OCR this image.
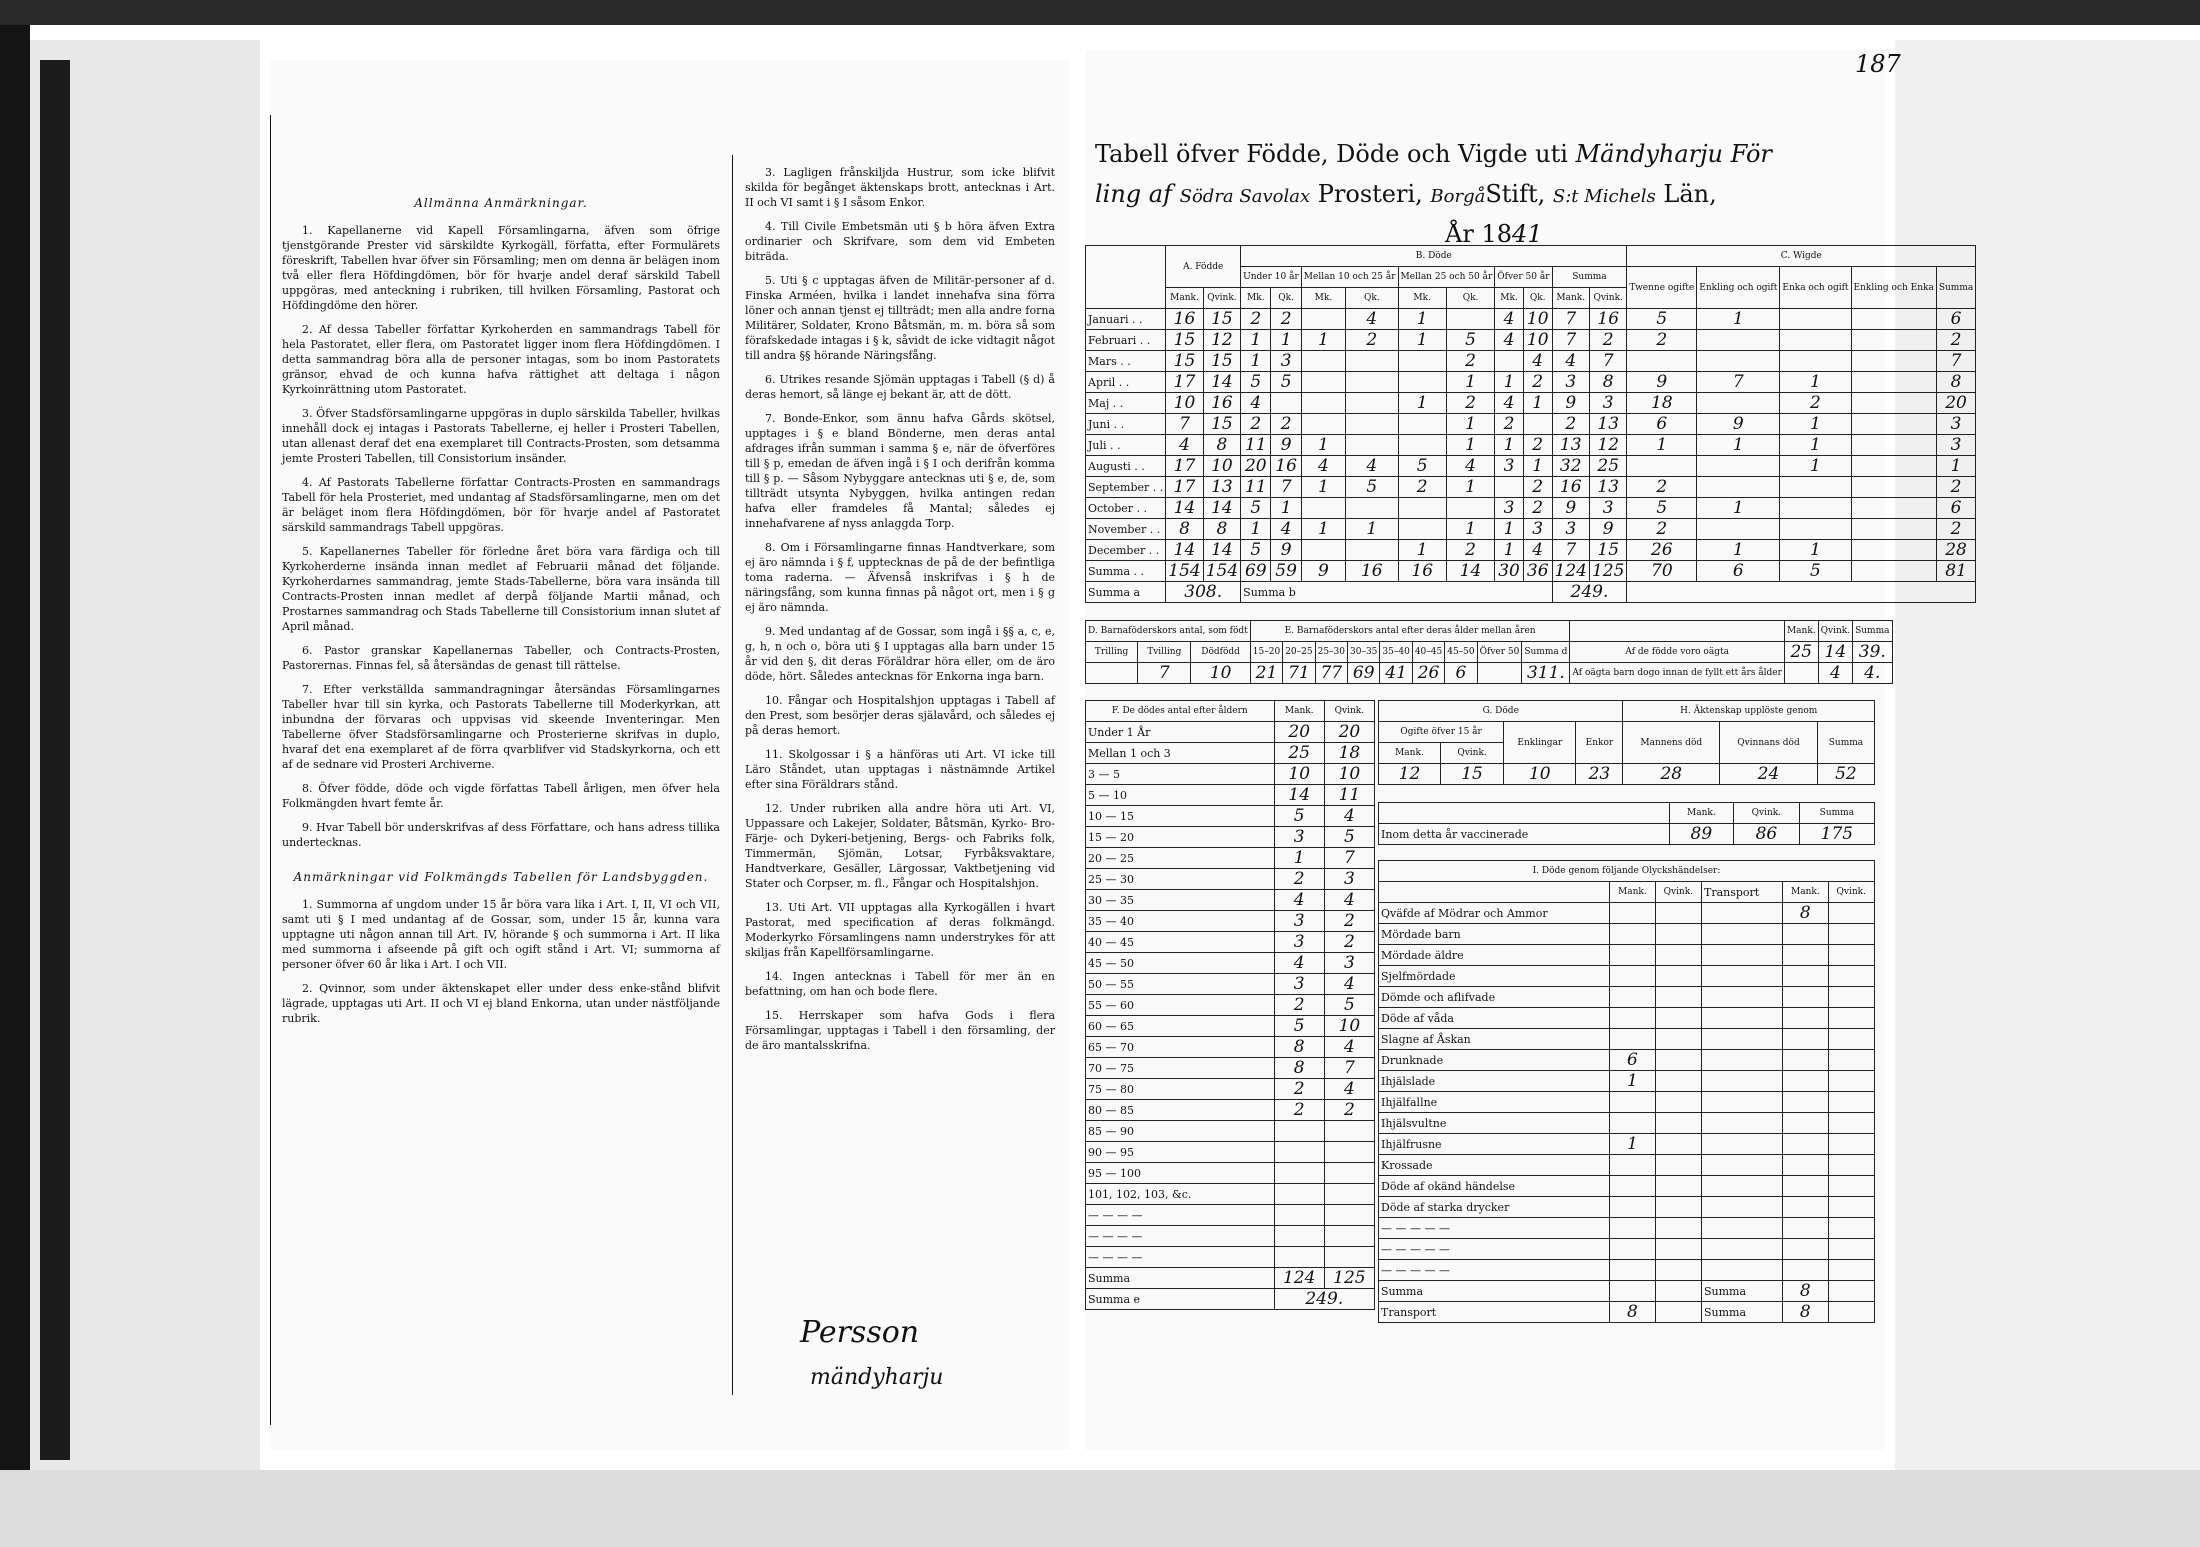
Allmänna Anmärkningar.

1. Kapellanerne vid Kapell Församlingarna, äfven som öfrige tjenstgörande Prester vid särskildte Kyrkogäll, författa, efter Formulärets föreskrift, Tabellen hvar öfver sin Församling; men om denna är belägen inom två eller flera Höfdingdömen, bör för hvarje andel deraf särskild Tabell uppgöras, med anteckning i rubriken, till hvilken Församling, Pastorat och Höfdingdöme den hörer.

2. Af dessa Tabeller författar Kyrkoherden en sammandrags Tabell för hela Pastoratet, eller flera, om Pastoratet ligger inom flera Höfdingdömen. I detta sammandrag böra alla de personer intagas, som bo inom Pastoratets gränsor, ehvad de och kunna hafva rättighet att deltaga i någon Kyrkoinrättning utom Pastoratet.

3. Öfver Stadsförsamlingarne uppgöras in duplo särskilda Tabeller, hvilkas innehåll dock ej intagas i Pastorats Tabellerne, ej heller i Prosteri Tabellen, utan allenast deraf det ena exemplaret till Contracts-Prosten, som detsamma jemte Prosteri Tabellen, till Consistorium insänder.

4. Af Pastorats Tabellerne författar Contracts-Prosten en sammandrags Tabell för hela Prosteriet, med undantag af Stadsförsamlingarne, men om det är beläget inom flera Höfdingdömen, bör för hvarje andel af Pastoratet särskild sammandrags Tabell uppgöras.

5. Kapellanernes Tabeller för förledne året böra vara färdiga och till Kyrkoherderne insända innan medlet af Februarii månad det följande. Kyrkoherdarnes sammandrag, jemte Stads-Tabellerne, böra vara insända till Contracts-Prosten innan medlet af derpå följande Martii månad, och Prostarnes sammandrag och Stads Tabellerne till Consistorium innan slutet af April månad.

6. Pastor granskar Kapellanernas Tabeller, och Contracts-Prosten, Pastorernas. Finnas fel, så återsändas de genast till rättelse.

7. Efter verkställda sammandragningar återsändas Församlingarnes Tabeller hvar till sin kyrka, och Pastorats Tabellerne till Moderkyrkan, att inbundna der förvaras och uppvisas vid skeende Inventeringar. Men Tabellerne öfver Stadsförsamlingarne och Prosterierne skrifvas in duplo, hvaraf det ena exemplaret af de förra qvarblifver vid Stadskyrkorna, och ett af de sednare vid Prosteri Archiverne.

8. Öfver födde, döde och vigde författas Tabell årligen, men öfver hela Folkmängden hvart femte år.

9. Hvar Tabell bör underskrifvas af dess Författare, och hans adress tillika undertecknas.

Anmärkningar vid Folkmängds Tabellen för Landsbyggden.

1. Summorna af ungdom under 15 år böra vara lika i Art. I, II, VI och VII, samt uti § I med undantag af de Gossar, som, under 15 år, kunna vara upptagne uti någon annan till Art. IV, hörande § och summorna i Art. II lika med summorna i afseende på gift och ogift stånd i Art. VI; summorna af personer öfver 60 år lika i Art. I och VII.

2. Qvinnor, som under äktenskapet eller under dess enke-stånd blifvit lägrade, upptagas uti Art. II och VI ej bland Enkorna, utan under nästföljande rubrik.

3. Lagligen frånskiljda Hustrur, som icke blifvit skilda för begånget äktenskaps brott, antecknas i Art. II och VI samt i § I såsom Enkor.

4. Till Civile Embetsmän uti § b höra äfven Extra ordinarier och Skrifvare, som dem vid Embeten biträda.

5. Uti § c upptagas äfven de Militär-personer af d. Finska Arméen, hvilka i landet innehafva sina förra löner och annan tjenst ej tillträdt; men alla andre forna Militärer, Soldater, Krono Båtsmän, m. m. böra så som förafskedade intagas i § k, såvidt de icke vidtagit något till andra §§ hörande Näringsfång.

6. Utrikes resande Sjömän upptagas i Tabell (§ d) å deras hemort, så länge ej bekant är, att de dött.

7. Bonde-Enkor, som ännu hafva Gårds skötsel, upptages i § e bland Bönderne, men deras antal afdrages ifrån summan i samma § e, när de öfverföres till § p, emedan de äfven ingå i § I och derifrån komma till § p. — Såsom Nybyggare antecknas uti § e, de, som tillträdt utsynta Nybyggen, hvilka antingen redan hafva eller framdeles få Mantal; således ej innehafvarene af nyss anlaggda Torp.

8. Om i Församlingarne finnas Handtverkare, som ej äro nämnda i § f, upptecknas de på de der befintliga toma raderna. — Äfvenså inskrifvas i § h de näringsfång, som kunna finnas på något ort, men i § g ej äro nämnda.

9. Med undantag af de Gossar, som ingå i §§ a, c, e, g, h, n och o, böra uti § I upptagas alla barn under 15 år vid den §, dit deras Föräldrar höra eller, om de äro döde, hört. Således antecknas för Enkorna inga barn.

10. Fångar och Hospitalshjon upptagas i Tabell af den Prest, som besörjer deras själavård, och således ej på deras hemort.

11. Skolgossar i § a hänföras uti Art. VI icke till Läro Ståndet, utan upptagas i nästnämnde Artikel efter sina Föräldrars stånd.

12. Under rubriken alla andre höra uti Art. VI, Uppassare och Lakejer, Soldater, Båtsmän, Kyrko- Bro- Färje- och Dykeri-betjening, Bergs- och Fabriks folk, Timmermän, Sjömän, Lotsar, Fyrbåksvaktare, Handtverkare, Gesäller, Lärgossar, Vaktbetjening vid Stater och Corpser, m. fl., Fångar och Hospitalshjon.

13. Uti Art. VII upptagas alla Kyrkogällen i hvart Pastorat, med specification af deras folkmängd. Moderkyrko Församlingens namn understrykes för att skiljas från Kapellförsamlingarne.

14. Ingen antecknas i Tabell för mer än en befattning, om han och bode flere.

15. Herrskaper som hafva Gods i flera Församlingar, upptagas i Tabell i den församling, der de äro mantalsskrifna.

Persson
mändyharju
187
Tabell öfver Födde, Döde och Vigde uti Mändyharju För
ling af Södra Savolax Prosteri, BorgåStift, S:t Michels Län,
År 1841
	A. Födde		B. Döde										C. Wigde				
			Under 10 år		Mellan 10 och 25 år		Mellan 25 och 50 år		Öfver 50 år		Summa		Twenne ogifte	Enkling och ogift	Enka och ogift	Enkling och Enka	Summa
	Mank.	Qvink.	Mk.	Qk.	Mk.	Qk.	Mk.	Qk.	Mk.	Qk.	Mank.	Qvink.					
Januari . .	16	15	2	2		4	1		4	10	7	16	5	1			6
Februari . .	15	12	1	1	1	2	1	5	4	10	7	2	2				2
Mars . .	15	15	1	3				2		4	4	7					7
April . .	17	14	5	5				1	1	2	3	8	9	7	1		8
Maj . .	10	16	4				1	2	4	1	9	3	18		2		20
Juni . .	7	15	2	2				1	2		2	13	6	9	1		3
Juli . .	4	8	11	9	1			1	1	2	13	12	1	1	1		3
Augusti . .	17	10	20	16	4	4	5	4	3	1	32	25			1		1
September . .	17	13	11	7	1	5	2	1		2	16	13	2				2
October . .	14	14	5	1					3	2	9	3	5	1			6
November . .	8	8	1	4	1	1		1	1	3	3	9	2				2
December . .	14	14	5	9			1	2	1	4	7	15	26	1	1		28
Summa . .	154	154	69	59	9	16	16	14	30	36	124	125	70	6	5		81
Summa a	308.		Summa b								249.						
D. Barnaföderskors antal, som födt			E. Barnaföderskors antal efter deras ålder mellan åren										Mank.	Qvink.	Summa
Trilling	Tvilling	Dödfödd	15–20	20–25	25–30	30–35	35–40	40–45	45–50	Öfver 50	Summa d	Af de födde voro oägta	25	14	39.
	7	10	21	71	77	69	41	26	6		311.	Af oägta barn dogo innan de fyllt ett års ålder		4	4.
F. De dödes antal efter åldern	Mank.	Qvink.
Under 1 År	20	20
Mellan 1 och 3	25	18
3 — 5	10	10
5 — 10	14	11
10 — 15	5	4
15 — 20	3	5
20 — 25	1	7
25 — 30	2	3
30 — 35	4	4
35 — 40	3	2
40 — 45	3	2
45 — 50	4	3
50 — 55	3	4
55 — 60	2	5
60 — 65	5	10
65 — 70	8	4
70 — 75	8	7
75 — 80	2	4
80 — 85	2	2
85 — 90		
90 — 95		
95 — 100		
101, 102, 103, &c.		
— — — —		
— — — —		
— — — —		
Summa	124	125
Summa e	249.	
G. Döde				H. Äktenskap upplöste genom		
Ogifte öfver 15 år		Enklingar	Enkor	Mannens död	Qvinnans död	Summa
Mank.	Qvink.					
12	15	10	23	28	24	52
	Mank.	Qvink.	Summa
Inom detta år vaccinerade	89	86	175
I. Döde genom följande Olyckshändelser:					
	Mank.	Qvink.	Transport	Mank.	Qvink.
Qväfde af Mödrar och Ammor				8	
Mördade barn					
Mördade äldre					
Sjelfmördade					
Dömde och aflifvade					
Döde af våda					
Slagne af Åskan					
Drunknade	6				
Ihjälslade	1				
Ihjälfallne					
Ihjälsvultne					
Ihjälfrusne	1				
Krossade					
Döde af okänd händelse					
Döde af starka drycker					
— — — — —					
— — — — —					
— — — — —					
Summa			Summa	8	
Transport	8		Summa	8	
